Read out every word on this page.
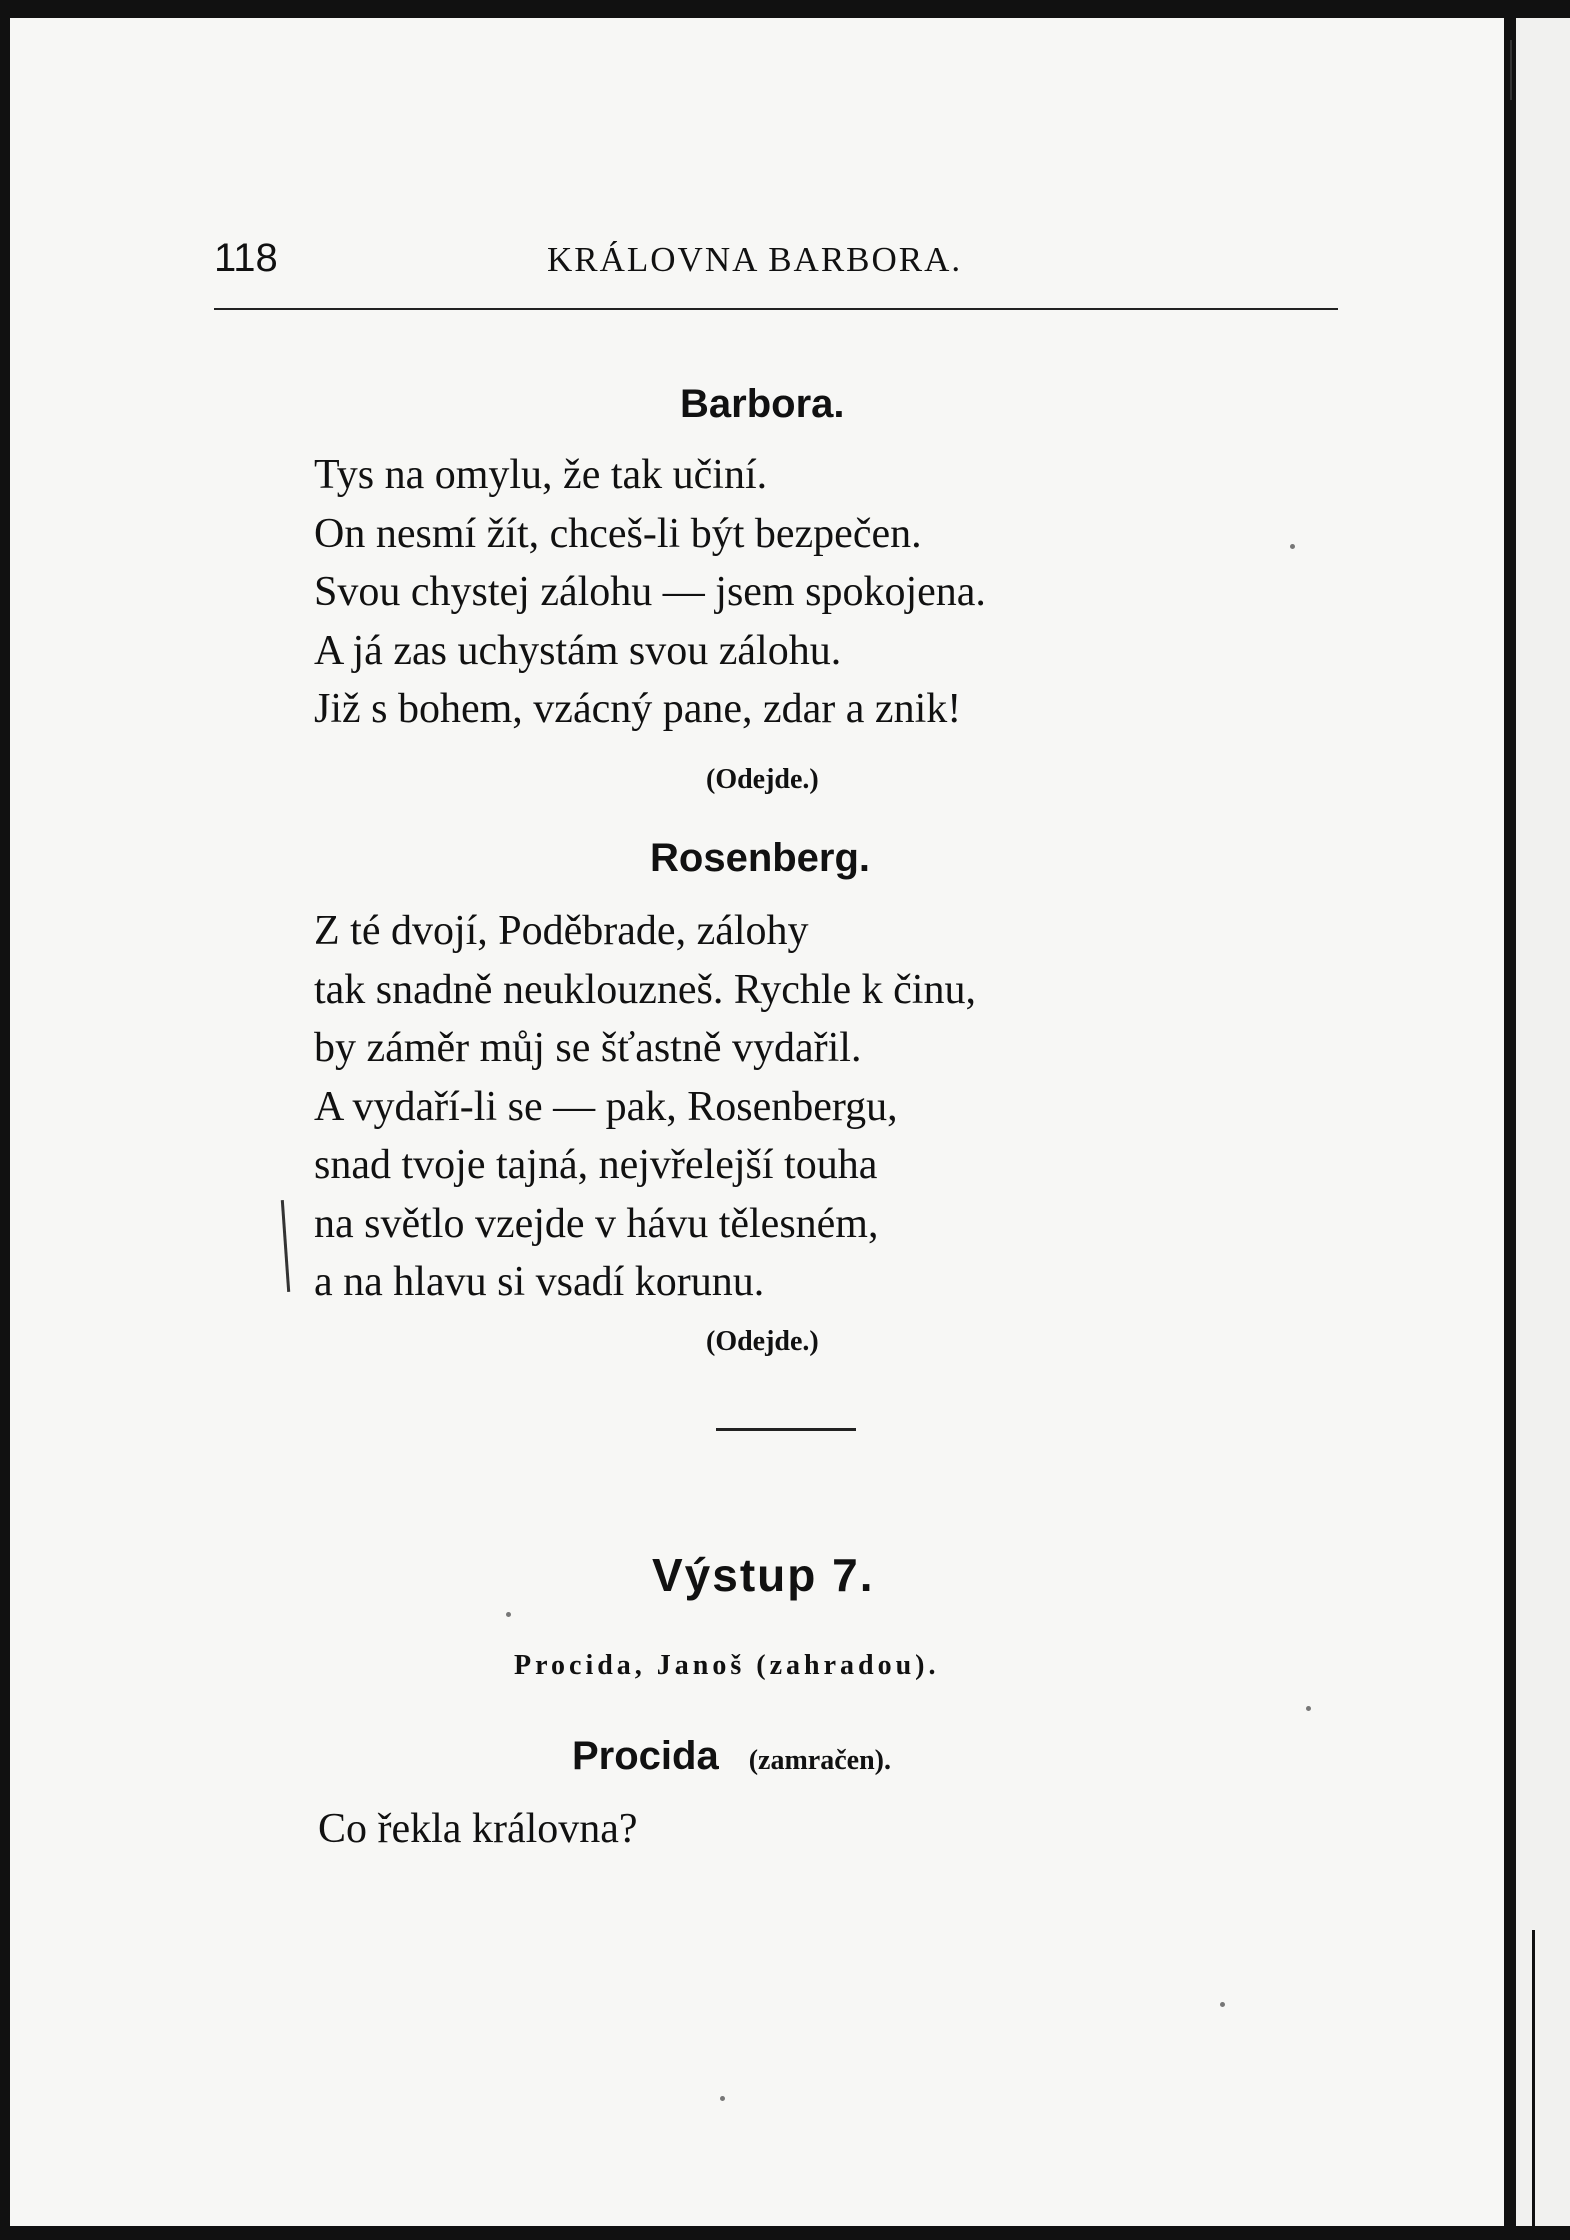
118	KRÁLOVNA BARBORA.
Barbora.
Tys na omylu, že tak učiní.
On nesmí žít, chceš-li být bezpečen.
Svou chystej zálohu — jsem spokojena.
A já zas uchystám svou zálohu.
Již s bohem, vzácný pane, zdar a znik!
(Odejde.)
Rosenberg.
Z té dvojí, Poděbrade, zálohy
tak snadně neuklouzneš. Rychle k činu,
by záměr můj se šťastně vydařil.
A vydaří-li se — pak, Rosenbergu,
snad tvoje tajná, nejvřelejší touha
na světlo vzejde v hávu tělesném,
a na hlavu si vsadí korunu.
(Odejde.)
Výstup 7.
Procida, Janoš (zahradou).
Procida (zamračen).
Co řekla královna?
